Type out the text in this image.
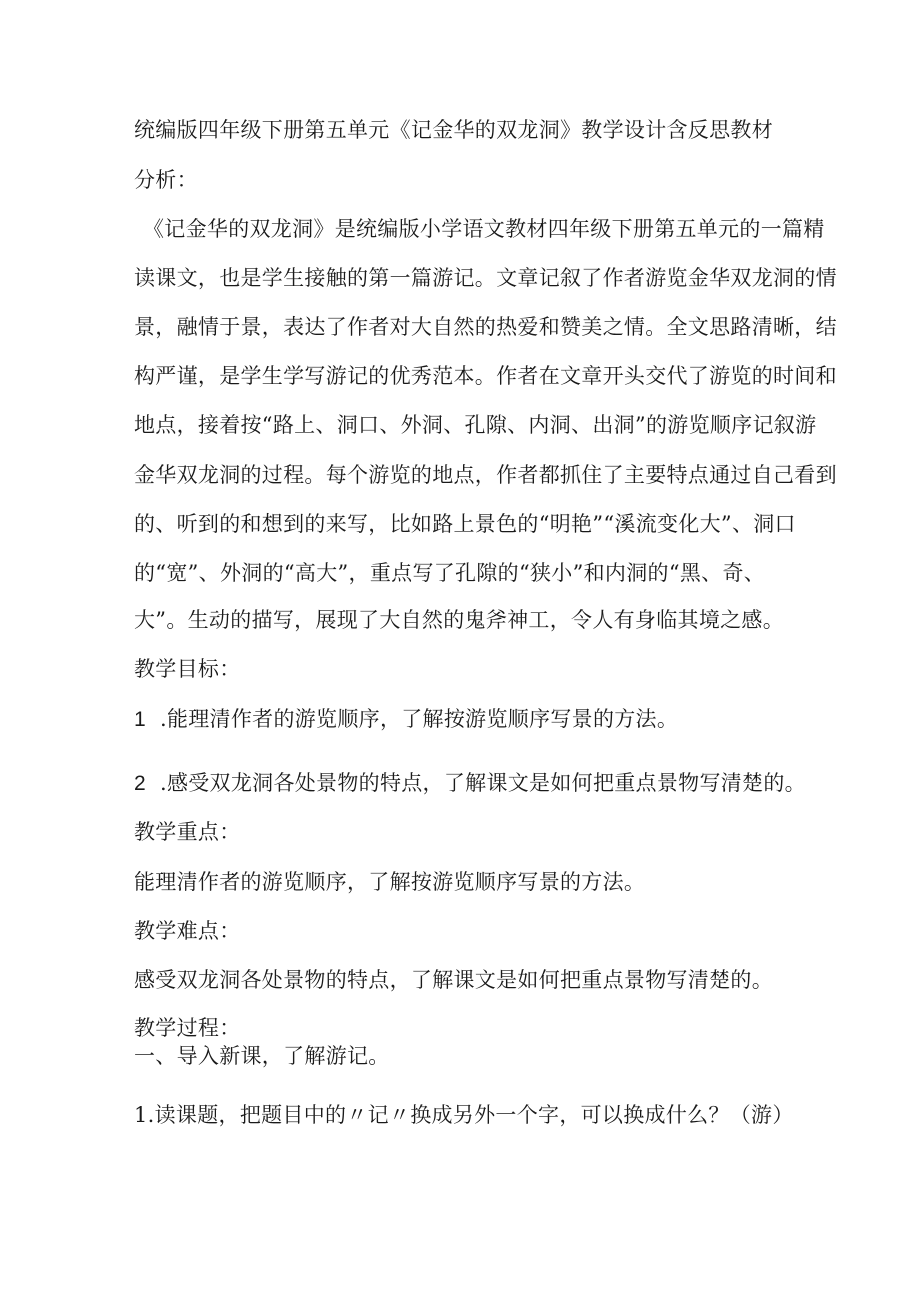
统编版四年级下册第五单元《记金华的双龙洞》教学设计含反思教材
分析：
《记金华的双龙洞》是统编版小学语文教材四年级下册第五单元的一篇精
读课文，也是学生接触的第一篇游记。文章记叙了作者游览金华双龙洞的情
景，融情于景，表达了作者对大自然的热爱和赞美之情。全文思路清晰，结
构严谨，是学生学写游记的优秀范本。作者在文章开头交代了游览的时间和
地点，接着按“路上、洞口、外洞、孔隙、内洞、出洞”的游览顺序记叙游
金华双龙洞的过程。每个游览的地点，作者都抓住了主要特点通过自己看到
的、听到的和想到的来写，比如路上景色的“明艳”“溪流变化大”、洞口
的“宽”、外洞的“高大”，重点写了孔隙的“狭小”和内洞的“黑、奇、
大”。生动的描写，展现了大自然的鬼斧神工，令人有身临其境之感。
教学目标：
1 .能理清作者的游览顺序，了解按游览顺序写景的方法。
2 .感受双龙洞各处景物的特点，了解课文是如何把重点景物写清楚的。
教学重点：
能理清作者的游览顺序，了解按游览顺序写景的方法。
教学难点：
感受双龙洞各处景物的特点，了解课文是如何把重点景物写清楚的。
教学过程：
一、导入新课，了解游记。
1.读课题，把题目中的〃记〃换成另外一个字，可以换成什么？（游）
